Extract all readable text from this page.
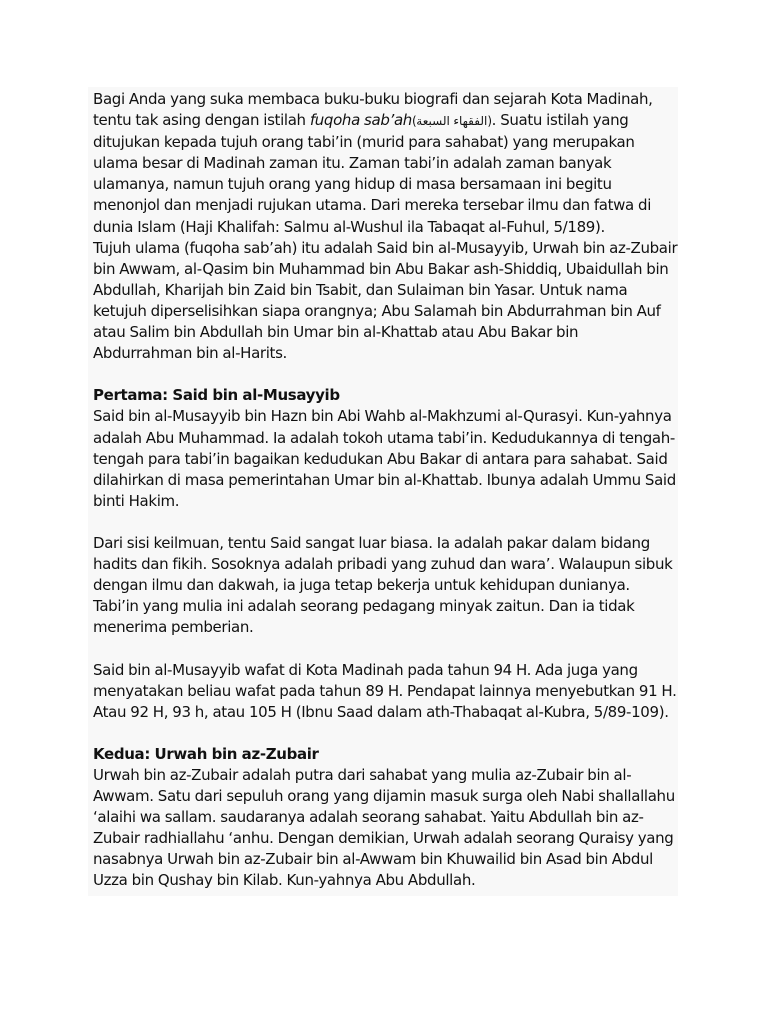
Bagi Anda yang suka membaca buku-buku biografi dan sejarah Kota Madinah, tentu tak asing dengan istilah fuqoha sab’ah(الفقهاء السبعة). Suatu istilah yang ditujukan kepada tujuh orang tabi’in (murid para sahabat) yang merupakan ulama besar di Madinah zaman itu. Zaman tabi’in adalah zaman banyak ulamanya, namun tujuh orang yang hidup di masa bersamaan ini begitu menonjol dan menjadi rujukan utama. Dari mereka tersebar ilmu dan fatwa di dunia Islam (Haji Khalifah: Salmu al-Wushul ila Tabaqat al-Fuhul, 5/189).

Tujuh ulama (fuqoha sab’ah) itu adalah Said bin al-Musayyib, Urwah bin az-Zubair bin Awwam, al-Qasim bin Muhammad bin Abu Bakar ash-Shiddiq, Ubaidullah bin Abdullah, Kharijah bin Zaid bin Tsabit, dan Sulaiman bin Yasar. Untuk nama ketujuh diperselisihkan siapa orangnya; Abu Salamah bin Abdurrahman bin Auf atau Salim bin Abdullah bin Umar bin al-Khattab atau Abu Bakar bin Abdurrahman bin al-Harits.

Pertama: Said bin al-Musayyib

Said bin al-Musayyib bin Hazn bin Abi Wahb al-Makhzumi al-Qurasyi. Kun-yahnya adalah Abu Muhammad. Ia adalah tokoh utama tabi’in. Kedudukannya di tengah-tengah para tabi’in bagaikan kedudukan Abu Bakar di antara para sahabat. Said dilahirkan di masa pemerintahan Umar bin al-Khattab. Ibunya adalah Ummu Said binti Hakim.

Dari sisi keilmuan, tentu Said sangat luar biasa. Ia adalah pakar dalam bidang hadits dan fikih. Sosoknya adalah pribadi yang zuhud dan wara’. Walaupun sibuk dengan ilmu dan dakwah, ia juga tetap bekerja untuk kehidupan dunianya. Tabi’in yang mulia ini adalah seorang pedagang minyak zaitun. Dan ia tidak menerima pemberian.

Said bin al-Musayyib wafat di Kota Madinah pada tahun 94 H. Ada juga yang menyatakan beliau wafat pada tahun 89 H. Pendapat lainnya menyebutkan 91 H. Atau 92 H, 93 h, atau 105 H (Ibnu Saad dalam ath-Thabaqat al-Kubra, 5/89-109).

Kedua: Urwah bin az-Zubair

Urwah bin az-Zubair adalah putra dari sahabat yang mulia az-Zubair bin al-Awwam. Satu dari sepuluh orang yang dijamin masuk surga oleh Nabi shallallahu ‘alaihi wa sallam. saudaranya adalah seorang sahabat. Yaitu Abdullah bin az-Zubair radhiallahu ‘anhu. Dengan demikian, Urwah adalah seorang Quraisy yang nasabnya Urwah bin az-Zubair bin al-Awwam bin Khuwailid bin Asad bin Abdul Uzza bin Qushay bin Kilab. Kun-yahnya Abu Abdullah.
